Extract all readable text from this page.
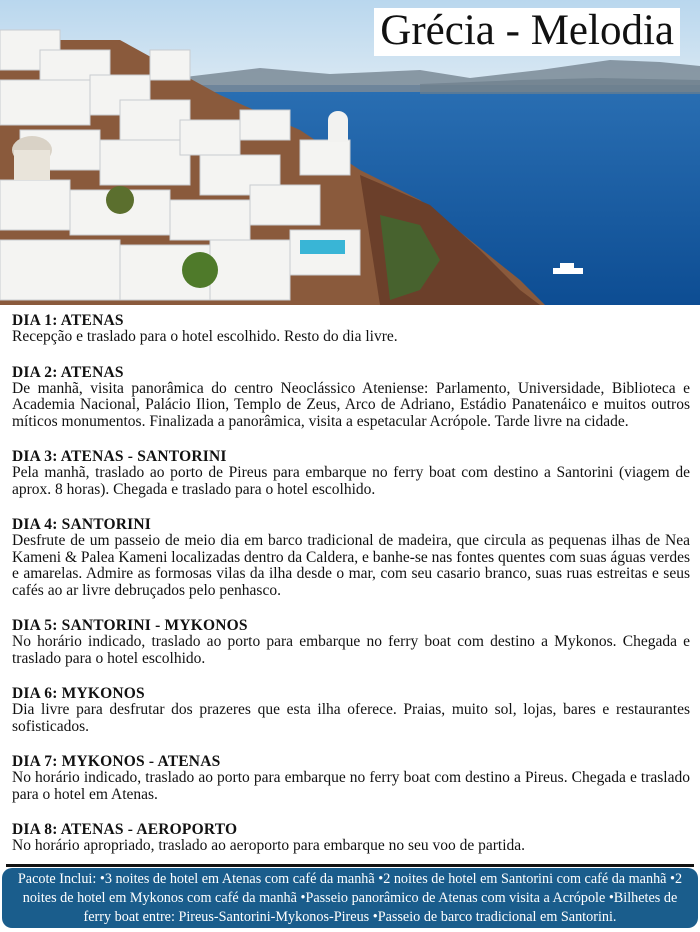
Grécia - Melodia
DIA 1: ATENAS

Recepção e traslado para o hotel escolhido. Resto do dia livre.

DIA 2: ATENAS

De manhã, visita panorâmica do centro Neoclássico Ateniense: Parlamento, Universidade, Biblioteca e Academia Nacional, Palácio Ilion, Templo de Zeus, Arco de Adriano, Estádio Panatenáico e muitos outros míticos monumentos. Finalizada a panorâmica, visita a espetacular Acrópole. Tarde livre na cidade.

DIA 3: ATENAS - SANTORINI

Pela manhã, traslado ao porto de Pireus para embarque no ferry boat com destino a Santorini (viagem de aprox. 8 horas). Chegada e traslado para o hotel escolhido.

DIA 4: SANTORINI

Desfrute de um passeio de meio dia em barco tradicional de madeira, que circula as pequenas ilhas de Nea Kameni & Palea Kameni localizadas dentro da Caldera, e banhe-se nas fontes quentes com suas águas verdes e amarelas. Admire as formosas vilas da ilha desde o mar, com seu casario branco, suas ruas estreitas e seus cafés ao ar livre debruçados pelo penhasco.

DIA 5: SANTORINI - MYKONOS

No horário indicado, traslado ao porto para embarque no ferry boat com destino a Mykonos. Chegada e traslado para o hotel escolhido.

DIA 6: MYKONOS

Dia livre para desfrutar dos prazeres que esta ilha oferece. Praias, muito sol, lojas, bares e restaurantes sofisticados.

DIA 7: MYKONOS - ATENAS

No horário indicado, traslado ao porto para embarque no ferry boat com destino a Pireus. Chegada e traslado para o hotel em Atenas.

DIA 8: ATENAS - AEROPORTO

No horário apropriado, traslado ao aeroporto para embarque no seu voo de partida.

Pacote Inclui: •3 noites de hotel em Atenas com café da manhã •2 noites de hotel em Santorini com café da manhã •2 noites de hotel em Mykonos com café da manhã •Passeio panorâmico de Atenas com visita a Acrópole •Bilhetes de ferry boat entre: Pireus-Santorini-Mykonos-Pireus •Passeio de barco tradicional em Santorini.
